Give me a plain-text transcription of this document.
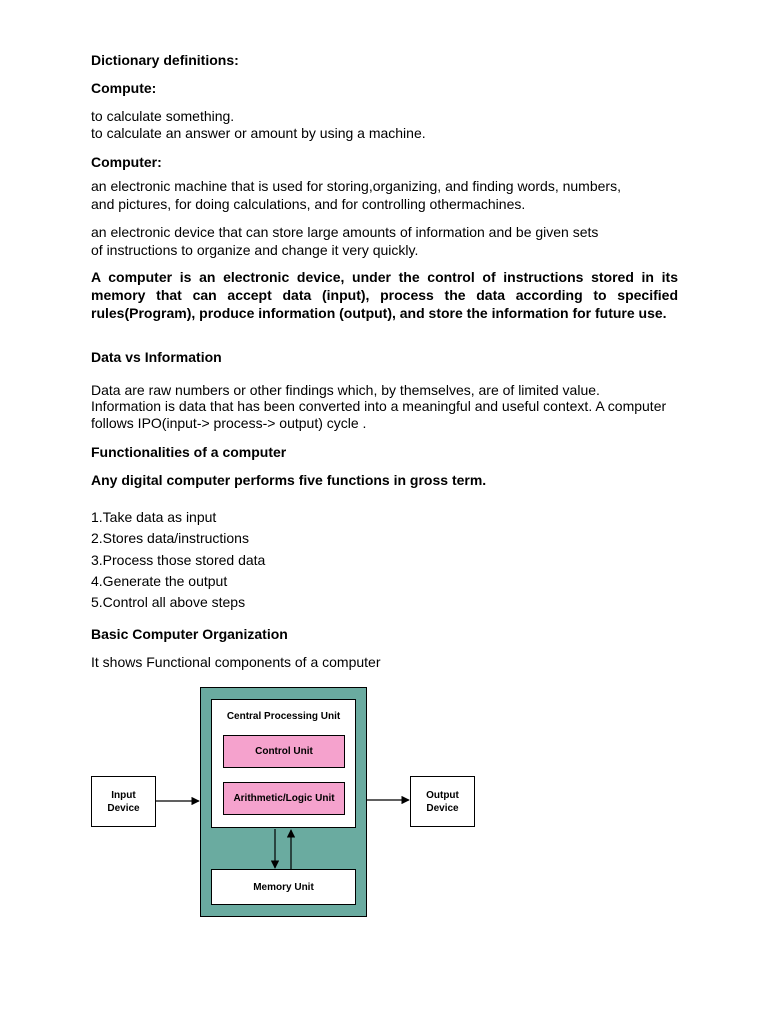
Dictionary definitions:

Compute:

to calculate something.

to calculate an answer or amount by using a machine.

Computer:

an electronic machine that is used for storing,organizing, and finding words, numbers,

and pictures, for doing calculations, and for controlling othermachines.

an electronic device that can store large amounts of information and be given sets

of instructions to organize and change it very quickly.

A computer is an electronic device, under the control of instructions stored in its

memory that can accept data (input), process the data according to specified

rules(Program), produce information (output), and store the information for future use.

Data vs Information

Data are raw numbers or other findings which, by themselves, are of limited value.

Information is data that has been converted into a meaningful and useful context. A computer

follows IPO(input-> process-> output) cycle .

Functionalities of a computer

Any digital computer performs five functions in gross term.

1.Take data as input

2.Stores data/instructions

3.Process those stored data

4.Generate the output

5.Control all above steps

Basic Computer Organization

It shows Functional components of a computer

Central Processing Unit
Control Unit
Arithmetic/Logic Unit
Memory Unit
Input
Device
Output
Device
